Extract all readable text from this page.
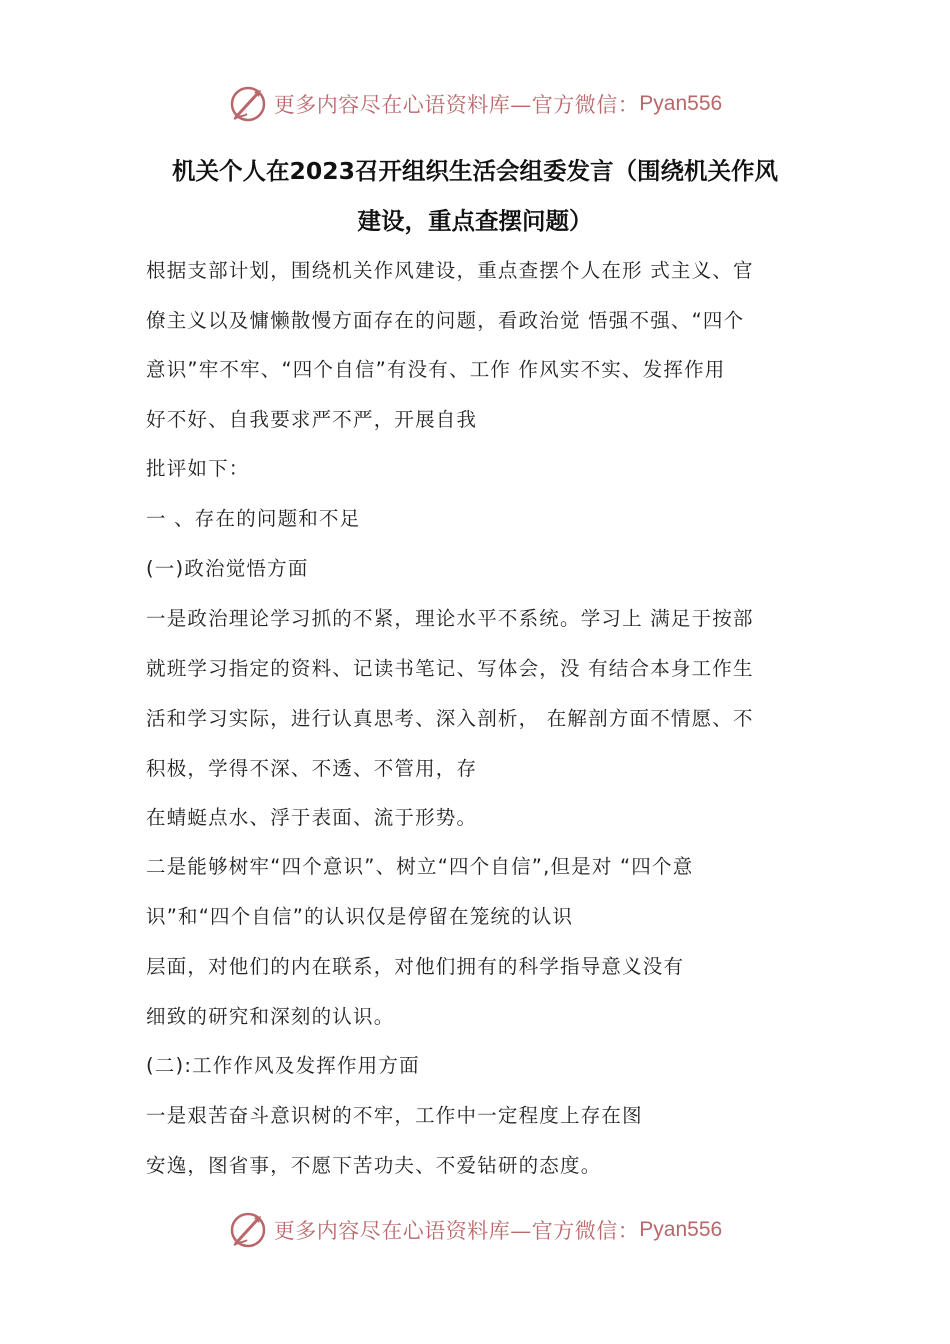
更多内容尽在心语资料库—官方微信： Pyan556
机关个人在2023召开组织生活会组委发言（围绕机关作风
建设，重点查摆问题）
根据支部计划，围绕机关作风建设，重点查摆个人在形 式主义、官
僚主义以及慵懒散慢方面存在的问题，看政治觉 悟强不强、“四个
意识”牢不牢、“四个自信”有没有、工作 作风实不实、发挥作用
好不好、自我要求严不严，开展自我
批评如下：
一 、存在的问题和不足
(一)政治觉悟方面
一是政治理论学习抓的不紧，理论水平不系统。学习上 满足于按部
就班学习指定的资料、记读书笔记、写体会，没 有结合本身工作生
活和学习实际，进行认真思考、深入剖析， 在解剖方面不情愿、不
积极，学得不深、不透、不管用，存
在蜻蜓点水、浮于表面、流于形势。
二是能够树牢“四个意识”、树立“四个自信”,但是对 “四个意
识”和“四个自信”的认识仅是停留在笼统的认识
层面，对他们的内在联系，对他们拥有的科学指导意义没有
细致的研究和深刻的认识。
(二):工作作风及发挥作用方面
一是艰苦奋斗意识树的不牢，工作中一定程度上存在图
安逸，图省事，不愿下苦功夫、不爱钻研的态度。
更多内容尽在心语资料库—官方微信： Pyan556
